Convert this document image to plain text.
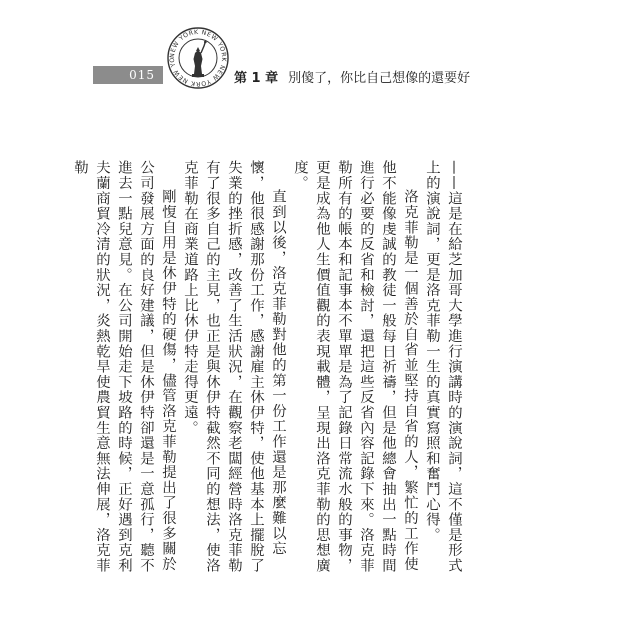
015
NEW YORK NEW YORK NEW YORK NEW YO
第 1 章 別傻了，你比自己想像的還要好

——這是在給芝加哥大學進行演講時的演說詞，這不僅是形式上的演說詞，更是洛克菲勒一生的真實寫照和奮鬥心得。

洛克菲勒是一個善於自省並堅持自省的人，繁忙的工作使他不能像虔誠的教徒一般每日祈禱，但是他總會抽出一點時間進行必要的反省和檢討，還把這些反省內容記錄下來。洛克菲勒所有的帳本和記事本不單單是為了記錄日常流水般的事物，更是成為他人生價值觀的表現載體，呈現出洛克菲勒的思想廣度。

直到以後，洛克菲勒對他的第一份工作還是那麼難以忘懷，他很感謝那份工作，感謝雇主休伊特，使他基本上擺脫了失業的挫折感，改善了生活狀況，在觀察老闆經營時洛克菲勒有了很多自己的主見，也正是與休伊特截然不同的想法，使洛克菲勒在商業道路上比休伊特走得更遠。

剛愎自用是休伊特的硬傷，儘管洛克菲勒提出了很多關於公司發展方面的良好建議，但是休伊特卻還是一意孤行，聽不進去一點兒意見。在公司開始走下坡路的時候，正好遇到克利夫蘭商貿冷清的狀況，炎熱乾旱使農貿生意無法伸展，洛克菲勒
